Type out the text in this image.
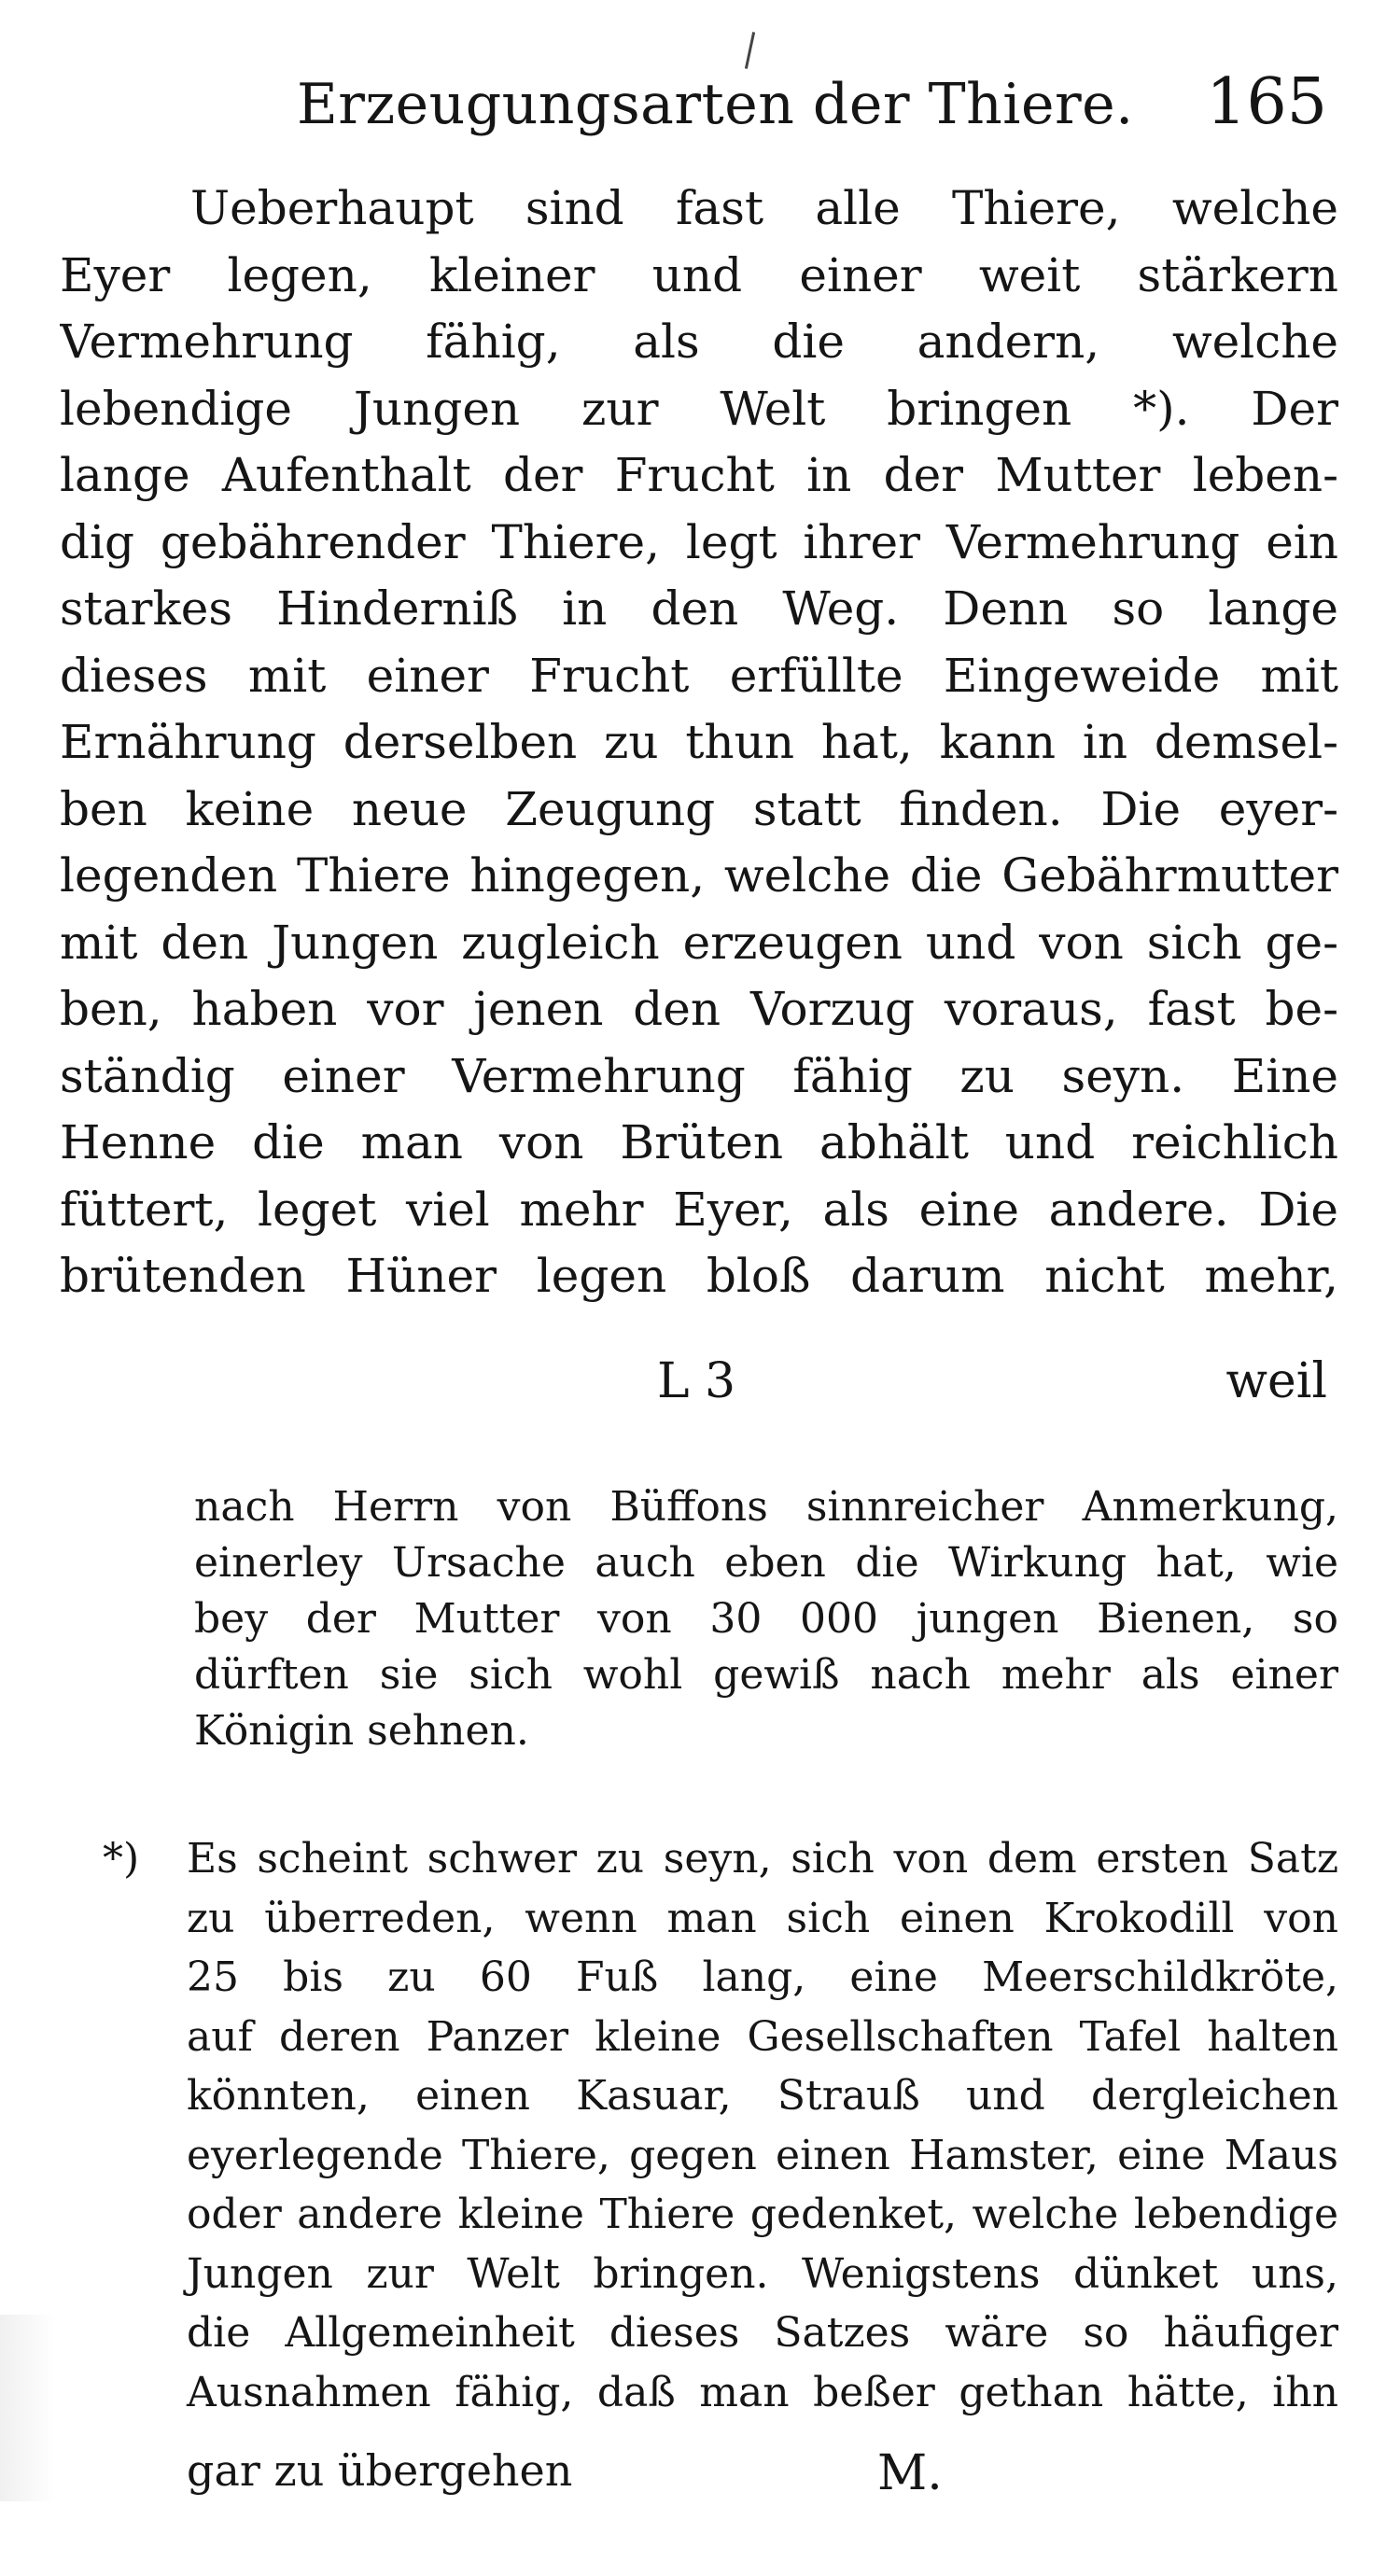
Erzeugungsarten der Thiere. 165
Ueberhaupt sind fast alle Thiere, welche
Eyer legen, kleiner und einer weit stärkern
Vermehrung fähig, als die andern, welche
lebendige Jungen zur Welt bringen *). Der
lange Aufenthalt der Frucht in der Mutter leben-
dig gebährender Thiere, legt ihrer Vermehrung ein
starkes Hinderniß in den Weg. Denn so lange
dieses mit einer Frucht erfüllte Eingeweide mit
Ernährung derselben zu thun hat, kann in demsel-
ben keine neue Zeugung statt finden. Die eyer-
legenden Thiere hingegen, welche die Gebährmutter
mit den Jungen zugleich erzeugen und von sich ge-
ben, haben vor jenen den Vorzug voraus, fast be-
ständig einer Vermehrung fähig zu seyn. Eine
Henne die man von Brüten abhält und reichlich
füttert, leget viel mehr Eyer, als eine andere. Die
brütenden Hüner legen bloß darum nicht mehr,
L 3	weil
nach Herrn von Büffons sinnreicher Anmerkung,
einerley Ursache auch eben die Wirkung hat, wie
bey der Mutter von 30 000 jungen Bienen, so
dürften sie sich wohl gewiß nach mehr als einer
Königin sehnen.
*) Es scheint schwer zu seyn, sich von dem ersten Satz
zu überreden, wenn man sich einen Krokodill von
25 bis zu 60 Fuß lang, eine Meerschildkröte,
auf deren Panzer kleine Gesellschaften Tafel halten
könnten, einen Kasuar, Strauß und dergleichen
eyerlegende Thiere, gegen einen Hamster, eine Maus
oder andere kleine Thiere gedenket, welche lebendige
Jungen zur Welt bringen. Wenigstens dünket uns,
die Allgemeinheit dieses Satzes wäre so häufiger
Ausnahmen fähig, daß man beßer gethan hätte, ihn
gar zu übergehen	M.
